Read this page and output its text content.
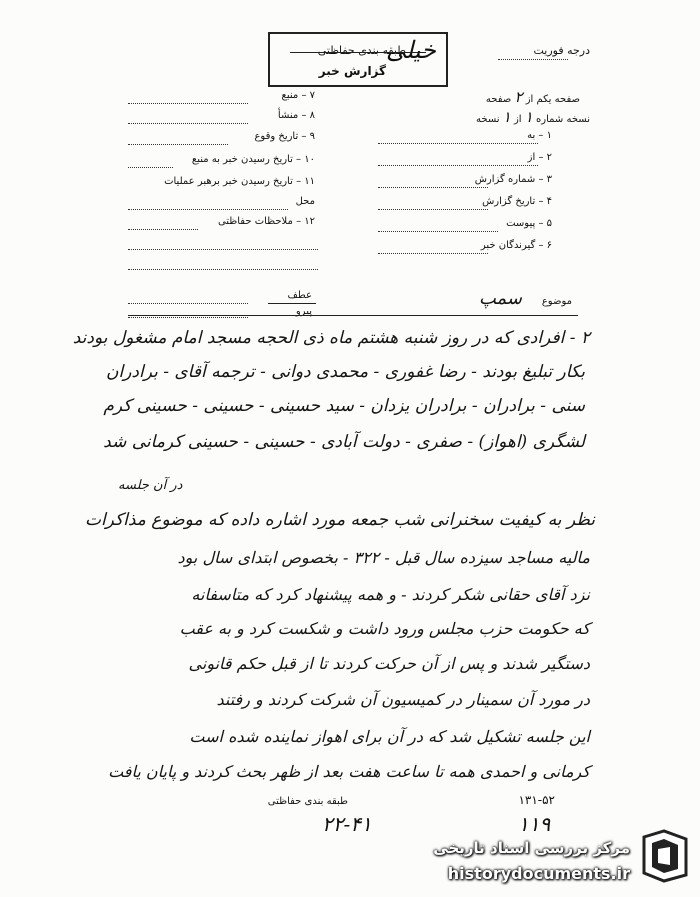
خیلی
طبقه بندی حفاظتی
گزارش خبر
درجه فوریت
صفحه یکم از ۲ صفحه
نسخه شماره ۱ از ۱ نسخه
۱ – به
۲ – از
۳ – شماره گزارش
۴ – تاریخ گزارش
۵ – پیوست
۶ – گیرندگان خبر
۷ – منبع
۸ – منشأ
۹ – تاریخ وقوع
۱۰ – تاریخ رسیدن خبر به منبع
۱۱ – تاریخ رسیدن خبر برهبر عملیات
محل
۱۲ – ملاحظات حفاظتی
عطف
پیرو
موضوع
سمپ
۲ - افرادی که در روز شنبه هشتم ماه ذی الحجه مسجد امام مشغول بودند
بکار تبلیغ بودند - رضا غفوری - محمدی دوانی - ترجمه آقای - برادران
سنی - برادران - برادران یزدان - سید حسینی - حسینی - حسینی کرم
لشگری (اهواز) - صفری - دولت آبادی - حسینی - حسینی کرمانی شد
در آن جلسه
نظر به کیفیت سخنرانی شب جمعه مورد اشاره داده که موضوع مذاکرات
مالیه مساجد سیزده سال قبل - ۳۲۲ - بخصوص ابتدای سال بود
نزد آقای حقانی شکر کردند - و همه پیشنهاد کرد که متاسفانه
که حکومت حزب مجلس ورود داشت و شکست کرد و به عقب
دستگیر شدند و پس از آن حرکت کردند تا از قبل حکم قانونی
در مورد آن سمینار در کمیسیون آن شرکت کردند و رفتند
این جلسه تشکیل شد که در آن برای اهواز نماینده شده است
کرمانی و احمدی همه تا ساعت هفت بعد از ظهر بحث کردند و پایان یافت
طبقه بندی حفاظتی
۲۲-۴۱
۱۳۱-۵۲
۱۱۹
مرکز بررسی اسناد تاریخی
historydocuments.ir
